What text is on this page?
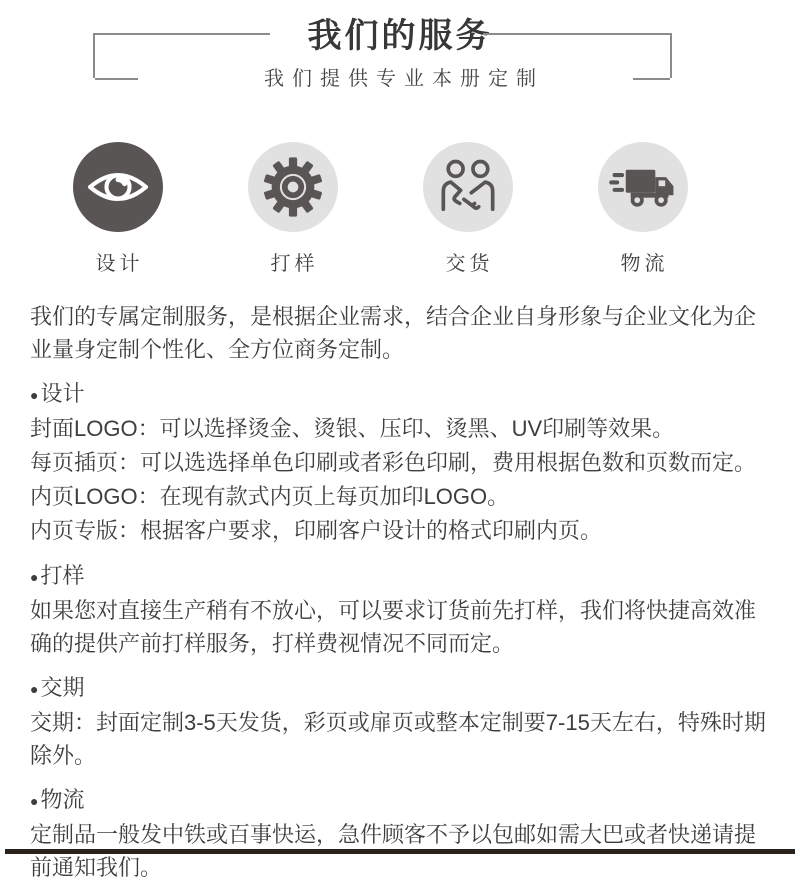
我们的服务
我们提供专业本册定制
设计	打样	交货	物流

我们的专属定制服务，是根据企业需求，结合企业自身形象与企业文化为企业量身定制个性化、全方位商务定制。

● 设计
封面LOGO：可以选择烫金、烫银、压印、烫黑、UV印刷等效果。
每页插页：可以选选择单色印刷或者彩色印刷，费用根据色数和页数而定。
内页LOGO：在现有款式内页上每页加印LOGO。
内页专版：根据客户要求，印刷客户设计的格式印刷内页。
● 打样

如果您对直接生产稍有不放心，可以要求订货前先打样，我们将快捷高效准确的提供产前打样服务，打样费视情况不同而定。

● 交期

交期：封面定制3-5天发货，彩页或扉页或整本定制要7-15天左右，特殊时期除外。

● 物流

定制品一般发中铁或百事快运，急件顾客不予以包邮如需大巴或者快递请提前通知我们。
